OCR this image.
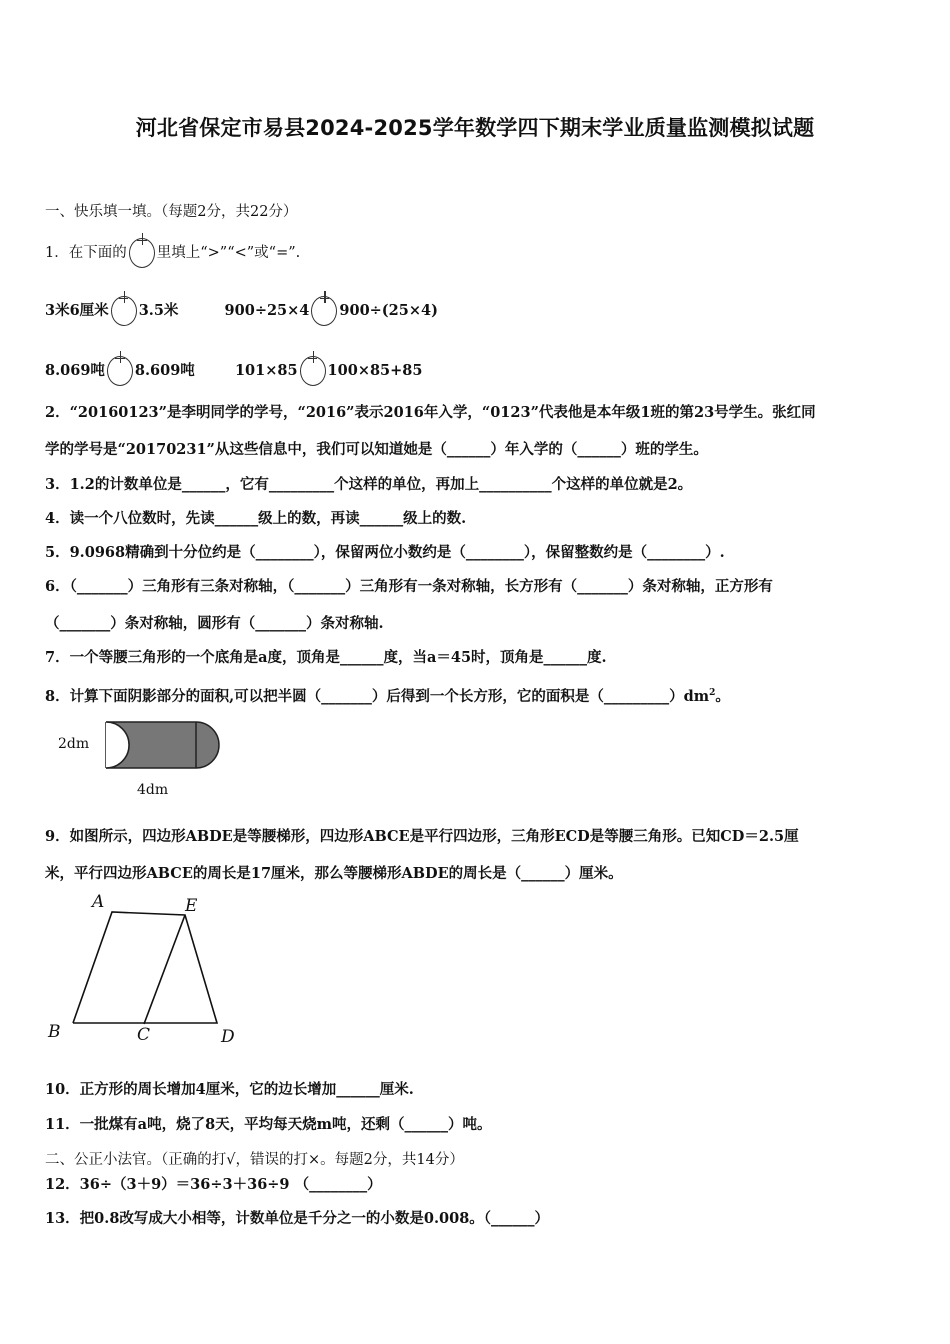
河北省保定市易县2024-2025学年数学四下期末学业质量监测模拟试题
一、快乐填一填。（每题2分，共22分）
1．在下面的 里填上“>”“<”或“=”.
3米6厘米 3.5米	900÷25×4 900÷(25×4)
8.069吨 8.609吨	101×85 100×85+85
2．“20160123”是李明同学的学号，“2016”表示2016年入学，“0123”代表他是本年级1班的第23号学生。张红同
学的学号是“20170231”从这些信息中，我们可以知道她是（______）年入学的（______）班的学生。
3．1.2的计数单位是______，它有_________个这样的单位，再加上__________个这样的单位就是2。
4．读一个八位数时，先读______级上的数，再读______级上的数.
5．9.0968精确到十分位约是（________），保留两位小数约是（________），保留整数约是（________）.
6．（_______）三角形有三条对称轴，（_______）三角形有一条对称轴，长方形有（_______）条对称轴，正方形有
（_______）条对称轴，圆形有（_______）条对称轴.
7．一个等腰三角形的一个底角是a度，顶角是______度，当a＝45时，顶角是______度.
8．计算下面阴影部分的面积,可以把半圆（_______）后得到一个长方形，它的面积是$(\_\_\_\_\_\_\_\_\_)dm^2$。
2dm
4dm
9．如图所示，四边形ABDE是等腰梯形，四边形ABCE是平行四边形，三角形ECD是等腰三角形。已知CD＝2.5厘
米，平行四边形ABCE的周长是17厘米，那么等腰梯形ABDE的周长是（______）厘米。
A	E
B	C	D
10．正方形的周长增加4厘米，它的边长增加______厘米.
11．一批煤有a吨，烧了8天，平均每天烧m吨，还剩（______）吨。
二、公正小法官。（正确的打√，错误的打×。每题2分，共14分）
12．36÷（3＋9）＝36÷3＋36÷9 （________）
13．把0.8改写成大小相等，计数单位是千分之一的小数是0.008。（______）
